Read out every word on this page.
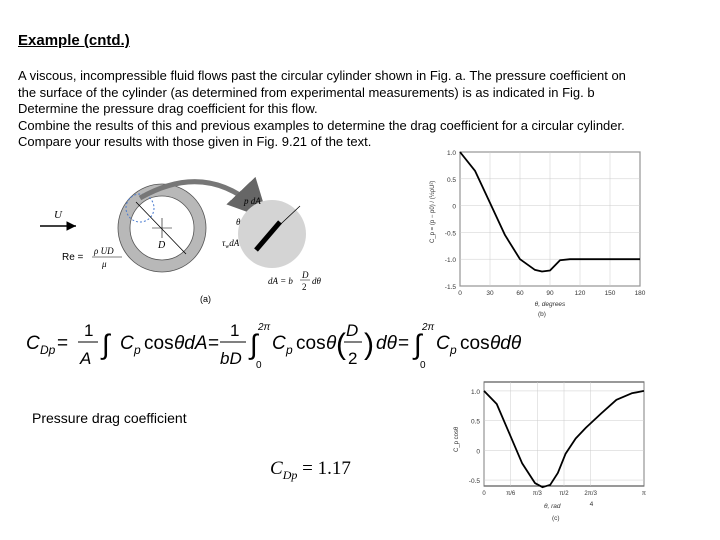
Example (cntd.)
A viscous, incompressible fluid flows past the circular cylinder shown in Fig. a. The pressure coefficient on
the surface of the cylinder (as determined from experimental measurements) is as indicated in Fig. b
Determine the pressure drag coefficient for this flow.
Combine the results of this and previous examples to determine the drag coefficient for a circular cylinder.
Compare your results with those given in Fig. 9.21 of the text.
U
D
p dA
θ
$\tau_wdA$
Re =
ρ UD
μ
dA = b
D
2
dθ
(a)
C Dp =
1
A ∫ C p cos θdA =
1
bD ∫
2π
0
C p cos θ ( D
2 ) dθ = ∫
2π
0
C p cos θdθ
Pressure drag coefficient
$C_{Dp} = 1.17$
1.0
0.5
0
-0.5
-1.0
-1.5
0	30	60	90	120	150	180
θ, degrees
(b)
C_p = (p − p0) / (½ρU²)
1.0
0.5
0
-0.5
0	π/6	π/3	π/2	2π/3	π
θ, rad
(c)
4
C_p cosθ
